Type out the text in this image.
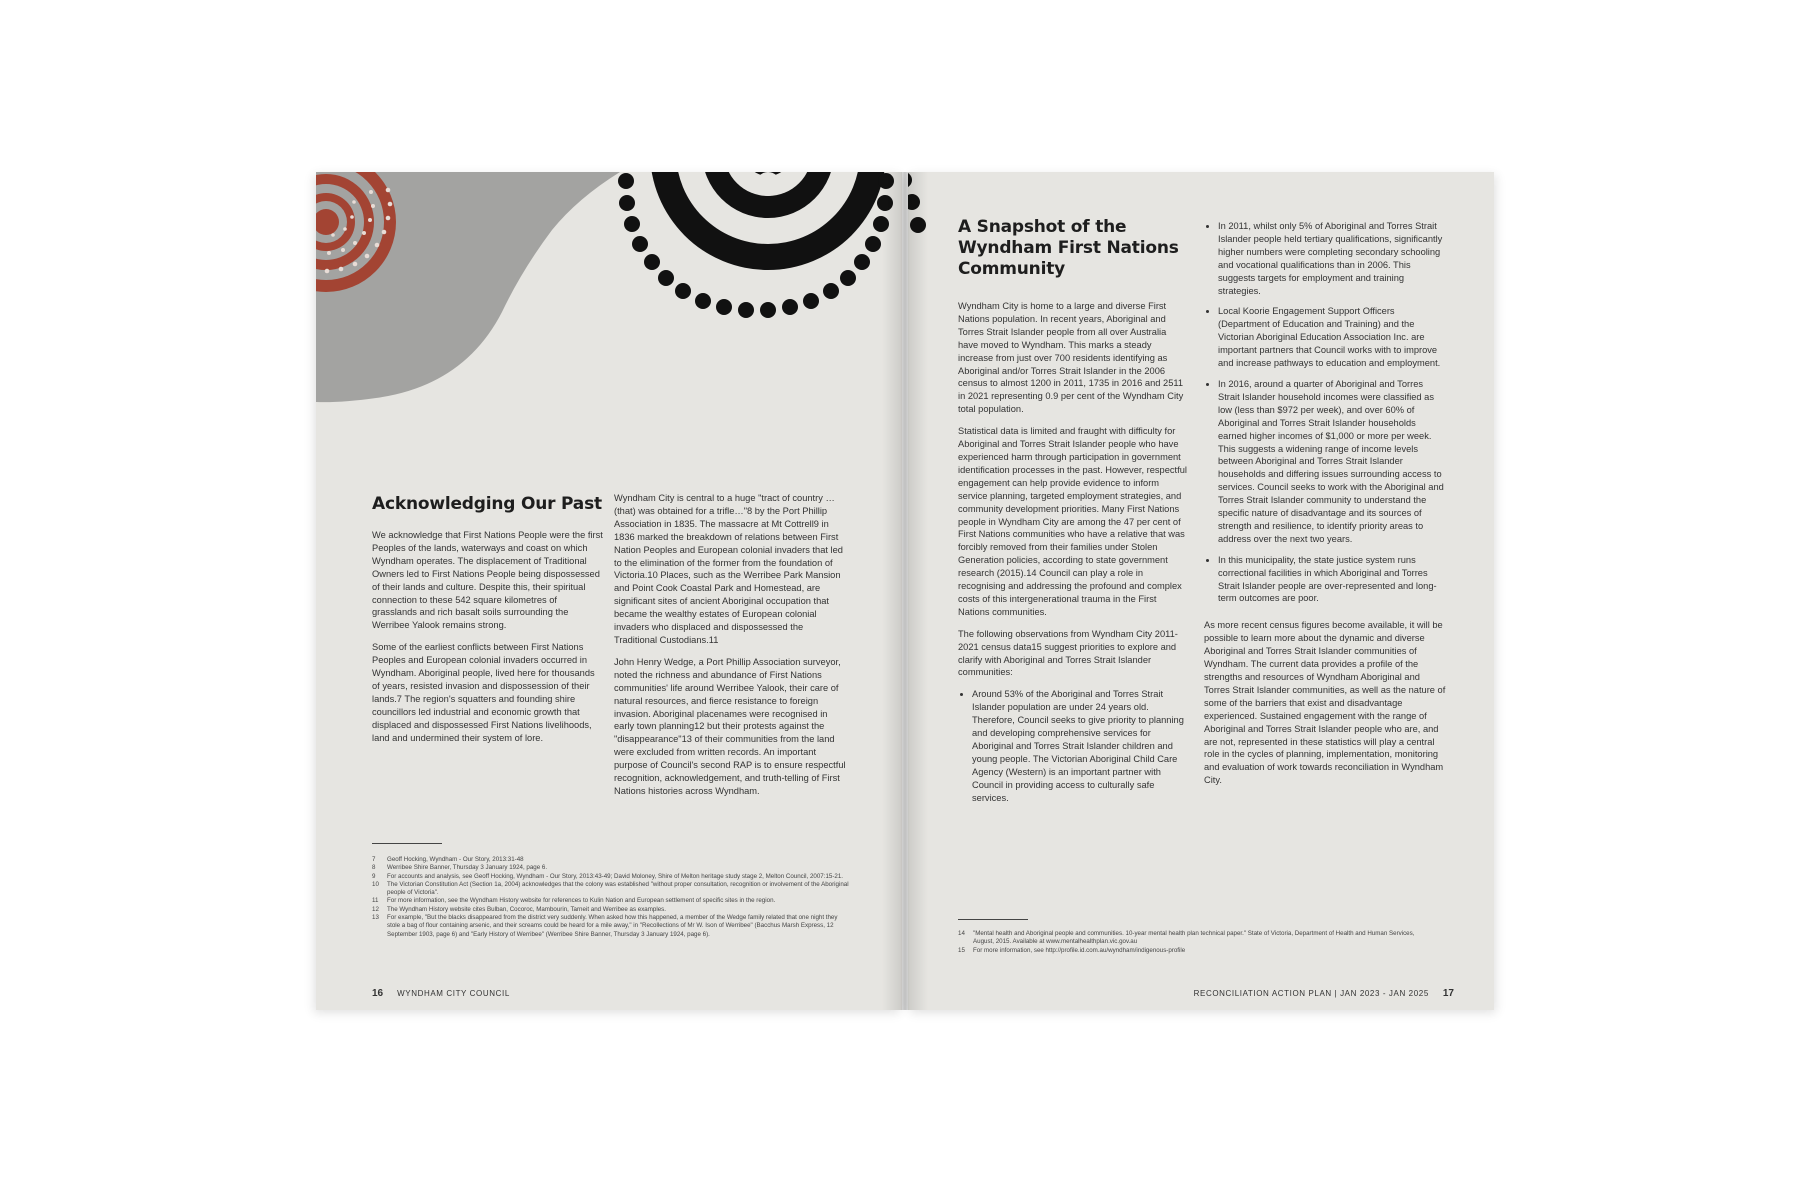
Acknowledging Our Past

We acknowledge that First Nations People were the first Peoples of the lands, waterways and coast on which Wyndham operates. The displacement of Traditional Owners led to First Nations People being dispossessed of their lands and culture. Despite this, their spiritual connection to these 542 square kilometres of grasslands and rich basalt soils surrounding the Werribee Yalook remains strong.

Some of the earliest conflicts between First Nations Peoples and European colonial invaders occurred in Wyndham. Aboriginal people, lived here for thousands of years, resisted invasion and dispossession of their lands.7 The region's squatters and founding shire councillors led industrial and economic growth that displaced and dispossessed First Nations livelihoods, land and undermined their system of lore.

Wyndham City is central to a huge "tract of country …(that) was obtained for a trifle…"8 by the Port Phillip Association in 1835. The massacre at Mt Cottrell9 in 1836 marked the breakdown of relations between First Nation Peoples and European colonial invaders that led to the elimination of the former from the foundation of Victoria.10 Places, such as the Werribee Park Mansion and Point Cook Coastal Park and Homestead, are significant sites of ancient Aboriginal occupation that became the wealthy estates of European colonial invaders who displaced and dispossessed the Traditional Custodians.11

John Henry Wedge, a Port Phillip Association surveyor, noted the richness and abundance of First Nations communities' life around Werribee Yalook, their care of natural resources, and fierce resistance to foreign invasion. Aboriginal placenames were recognised in early town planning12 but their protests against the "disappearance"13 of their communities from the land were excluded from written records. An important purpose of Council's second RAP is to ensure respectful recognition, acknowledgement, and truth-telling of First Nations histories across Wyndham.

7	Geoff Hocking, Wyndham - Our Story, 2013:31-48
8	Werribee Shire Banner, Thursday 3 January 1924, page 6.
9	For accounts and analysis, see Geoff Hocking, Wyndham - Our Story, 2013:43-49; David Moloney, Shire of Melton heritage study stage 2, Melton Council, 2007:15-21.
10	The Victorian Constitution Act (Section 1a, 2004) acknowledges that the colony was established "without proper consultation, recognition or involvement of the Aboriginal people of Victoria".
11	For more information, see the Wyndham History website for references to Kulin Nation and European settlement of specific sites in the region.
12	The Wyndham History website cites Bulban, Cocoroc, Mambourin, Tarneit and Werribee as examples.
13	For example, "But the blacks disappeared from the district very suddenly. When asked how this happened, a member of the Wedge family related that one night they stole a bag of flour containing arsenic, and their screams could be heard for a mile away," in "Recollections of Mr W. Ison of Werribee" (Bacchus Marsh Express, 12 September 1903, page 6) and "Early History of Werribee" (Werribee Shire Banner, Thursday 3 January 1924, page 6).
16 WYNDHAM CITY COUNCIL
A Snapshot of the
Wyndham First Nations
Community

Wyndham City is home to a large and diverse First Nations population. In recent years, Aboriginal and Torres Strait Islander people from all over Australia have moved to Wyndham. This marks a steady increase from just over 700 residents identifying as Aboriginal and/or Torres Strait Islander in the 2006 census to almost 1200 in 2011, 1735 in 2016 and 2511 in 2021 representing 0.9 per cent of the Wyndham City total population.

Statistical data is limited and fraught with difficulty for Aboriginal and Torres Strait Islander people who have experienced harm through participation in government identification processes in the past. However, respectful engagement can help provide evidence to inform service planning, targeted employment strategies, and community development priorities. Many First Nations people in Wyndham City are among the 47 per cent of First Nations communities who have a relative that was forcibly removed from their families under Stolen Generation policies, according to state government research (2015).14 Council can play a role in recognising and addressing the profound and complex costs of this intergenerational trauma in the First Nations communities.

The following observations from Wyndham City 2011-2021 census data15 suggest priorities to explore and clarify with Aboriginal and Torres Strait Islander communities:

• Around 53% of the Aboriginal and Torres Strait Islander population are under 24 years old. Therefore, Council seeks to give priority to planning and developing comprehensive services for Aboriginal and Torres Strait Islander children and young people. The Victorian Aboriginal Child Care Agency (Western) is an important partner with Council in providing access to culturally safe services.
• In 2011, whilst only 5% of Aboriginal and Torres Strait Islander people held tertiary qualifications, significantly higher numbers were completing secondary schooling and vocational qualifications than in 2006. This suggests targets for employment and training strategies.
• Local Koorie Engagement Support Officers (Department of Education and Training) and the Victorian Aboriginal Education Association Inc. are important partners that Council works with to improve and increase pathways to education and employment.
• In 2016, around a quarter of Aboriginal and Torres Strait Islander household incomes were classified as low (less than $972 per week), and over 60% of Aboriginal and Torres Strait Islander households earned higher incomes of $1,000 or more per week. This suggests a widening range of income levels between Aboriginal and Torres Strait Islander households and differing issues surrounding access to services. Council seeks to work with the Aboriginal and Torres Strait Islander community to understand the specific nature of disadvantage and its sources of strength and resilience, to identify priority areas to address over the next two years.
• In this municipality, the state justice system runs correctional facilities in which Aboriginal and Torres Strait Islander people are over-represented and long-term outcomes are poor.

As more recent census figures become available, it will be possible to learn more about the dynamic and diverse Aboriginal and Torres Strait Islander communities of Wyndham. The current data provides a profile of the strengths and resources of Wyndham Aboriginal and Torres Strait Islander communities, as well as the nature of some of the barriers that exist and disadvantage experienced. Sustained engagement with the range of Aboriginal and Torres Strait Islander people who are, and are not, represented in these statistics will play a central role in the cycles of planning, implementation, monitoring and evaluation of work towards reconciliation in Wyndham City.

14	"Mental health and Aboriginal people and communities. 10-year mental health plan technical paper." State of Victoria, Department of Health and Human Services, August, 2015. Available at www.mentalhealthplan.vic.gov.au
15	For more information, see http://profile.id.com.au/wyndham/indigenous-profile
RECONCILIATION ACTION PLAN | JAN 2023 - JAN 2025 17
